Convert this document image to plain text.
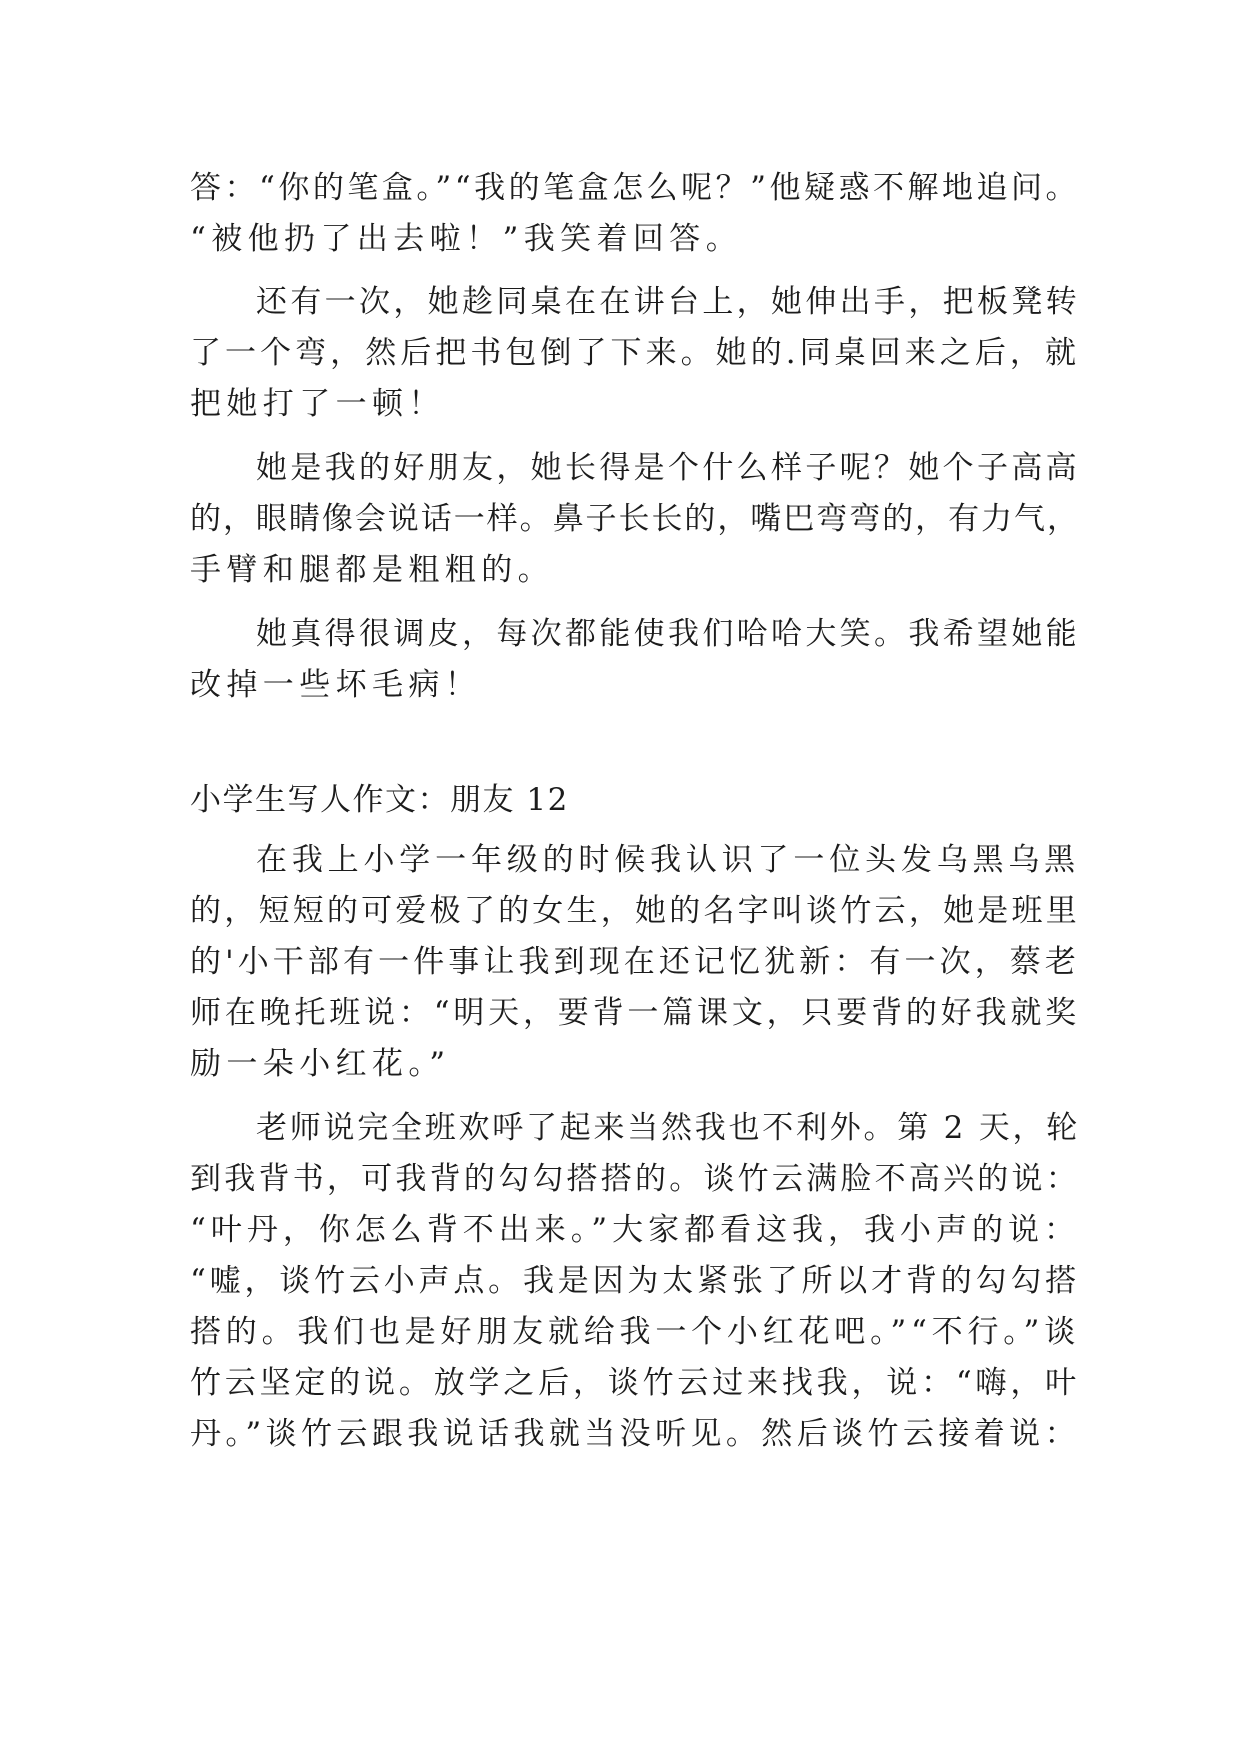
答：“你的笔盒。”“我的笔盒怎么呢？”他疑惑不解地追问。
“被他扔了出去啦！”我笑着回答。
还有一次，她趁同桌在在讲台上，她伸出手，把板凳转
了一个弯，然后把书包倒了下来。她的.同桌回来之后，就
把她打了一顿！
她是我的好朋友，她长得是个什么样子呢？她个子高高
的，眼睛像会说话一样。鼻子长长的，嘴巴弯弯的，有力气，
手臂和腿都是粗粗的。
她真得很调皮，每次都能使我们哈哈大笑。我希望她能
改掉一些坏毛病！
小学生写人作文：朋友 12
在我上小学一年级的时候我认识了一位头发乌黑乌黑
的，短短的可爱极了的女生，她的名字叫谈竹云，她是班里
的'小干部有一件事让我到现在还记忆犹新：有一次，蔡老
师在晚托班说：“明天，要背一篇课文，只要背的好我就奖
励一朵小红花。”
老师说完全班欢呼了起来当然我也不利外。第 2 天，轮
到我背书，可我背的勾勾搭搭的。谈竹云满脸不高兴的说：
“叶丹，你怎么背不出来。”大家都看这我，我小声的说：
“嘘，谈竹云小声点。我是因为太紧张了所以才背的勾勾搭
搭的。我们也是好朋友就给我一个小红花吧。”“不行。”谈
竹云坚定的说。放学之后，谈竹云过来找我，说：“嗨，叶
丹。”谈竹云跟我说话我就当没听见。然后谈竹云接着说：
